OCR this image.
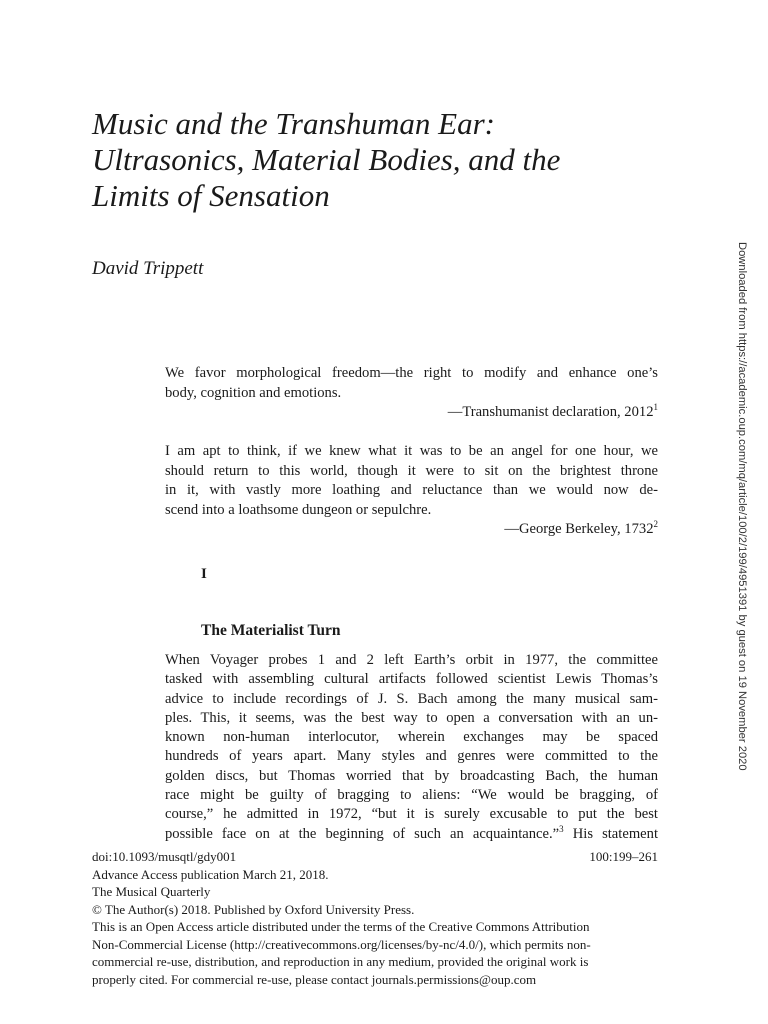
Music and the Transhuman Ear:
Ultrasonics, Material Bodies, and the
Limits of Sensation
David Trippett
We favor morphological freedom—the right to modify and enhance one’s
body, cognition and emotions.
—Transhumanist declaration, 2012$^1$
I am apt to think, if we knew what it was to be an angel for one hour, we
should return to this world, though it were to sit on the brightest throne
in it, with vastly more loathing and reluctance than we would now de-
scend into a loathsome dungeon or sepulchre.
—George Berkeley, 1732$^2$
I
The Materialist Turn
When Voyager probes 1 and 2 left Earth’s orbit in 1977, the committee
tasked with assembling cultural artifacts followed scientist Lewis Thomas’s
advice to include recordings of J. S. Bach among the many musical sam-
ples. This, it seems, was the best way to open a conversation with an un-
known non-human interlocutor, wherein exchanges may be spaced
hundreds of years apart. Many styles and genres were committed to the
golden discs, but Thomas worried that by broadcasting Bach, the human
race might be guilty of bragging to aliens: “We would be bragging, of
course,” he admitted in 1972, “but it is surely excusable to put the best
possible face on at the beginning of such an acquaintance.”$^3$ His statement
doi:10.1093/musqtl/gdy001	100:199–261
Advance Access publication March 21, 2018.
The Musical Quarterly
© The Author(s) 2018. Published by Oxford University Press.
This is an Open Access article distributed under the terms of the Creative Commons Attribution
Non-Commercial License (http://creativecommons.org/licenses/by-nc/4.0/), which permits non-
commercial re-use, distribution, and reproduction in any medium, provided the original work is
properly cited. For commercial re-use, please contact journals.permissions@oup.com
Downloaded from https://academic.oup.com/mq/article/100/2/199/4951391 by guest on 19 November 2020
